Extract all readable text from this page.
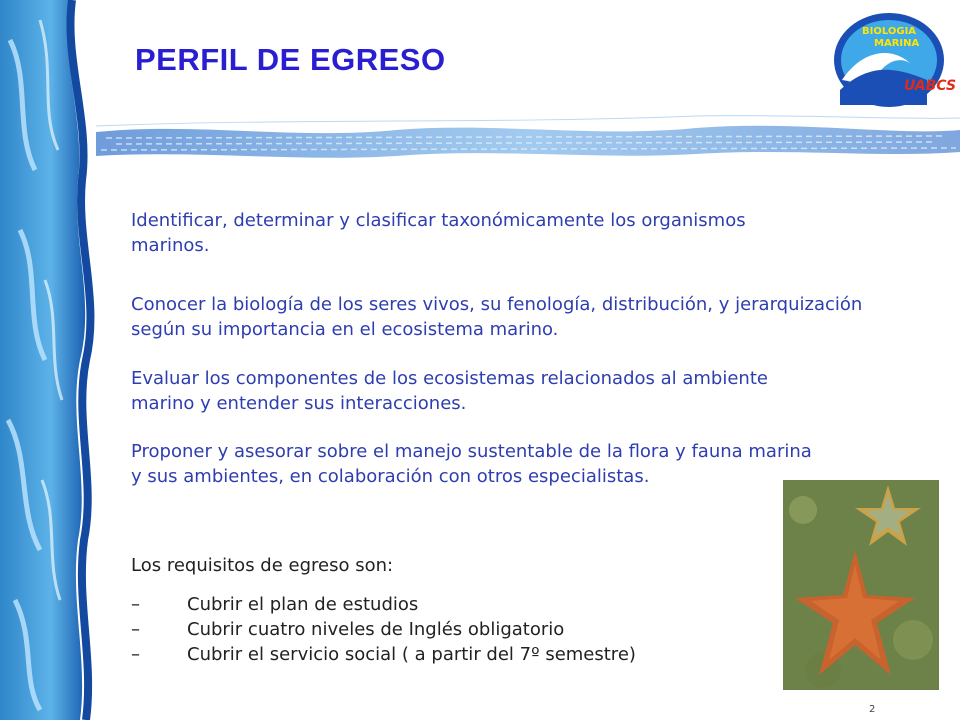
PERFIL DE EGRESO
BIOLOGIA
MARINA
UABCS
Identificar, determinar y clasificar taxonómicamente los organismos marinos.
Conocer la biología de los seres vivos, su fenología, distribución, y jerarquización según su importancia en el ecosistema marino.
Evaluar los componentes de los ecosistemas relacionados al ambiente marino y entender sus interacciones.
Proponer y asesorar sobre el manejo sustentable de la flora y fauna marina y sus ambientes, en colaboración con otros especialistas.
Los requisitos de egreso son:
–	Cubrir el plan de estudios
–	Cubrir cuatro niveles de Inglés obligatorio
–	Cubrir el servicio social ( a partir del 7º semestre)
2
